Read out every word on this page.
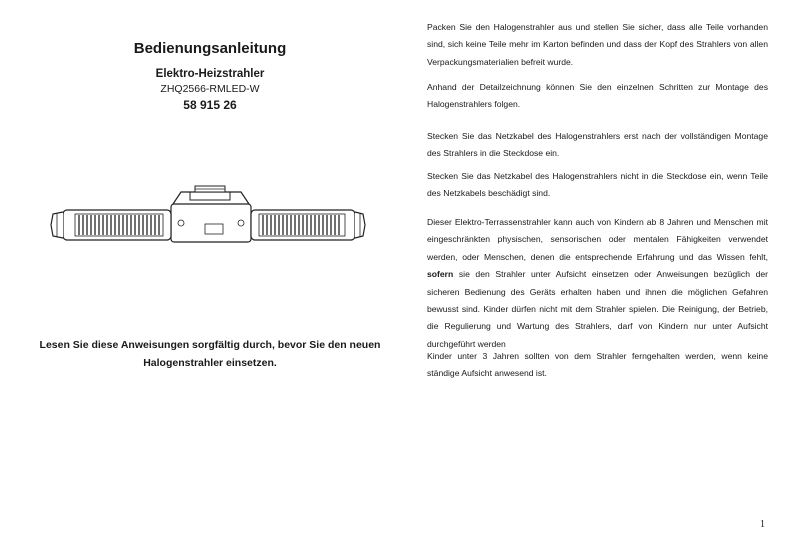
Bedienungsanleitung
Elektro-Heizstrahler
ZHQ2566-RMLED-W
58 915 26
Lesen Sie diese Anweisungen sorgfältig durch, bevor Sie den neuen
Halogenstrahler einsetzen.
Packen Sie den Halogenstrahler aus und stellen Sie sicher, dass alle Teile vorhanden sind, sich keine Teile mehr im Karton befinden und dass der Kopf des Strahlers von allen Verpackungsmaterialien befreit wurde.
Anhand der Detailzeichnung können Sie den einzelnen Schritten zur Montage des Halogenstrahlers folgen.
Stecken Sie das Netzkabel des Halogenstrahlers erst nach der vollständigen Montage des Strahlers in die Steckdose ein.
Stecken Sie das Netzkabel des Halogenstrahlers nicht in die Steckdose ein, wenn Teile des Netzkabels beschädigt sind.
Dieser Elektro-Terrassenstrahler kann auch von Kindern ab 8 Jahren und Menschen mit eingeschränkten physischen, sensorischen oder mentalen Fähigkeiten verwendet werden, oder Menschen, denen die entsprechende Erfahrung und das Wissen fehlt, sofern sie den Strahler unter Aufsicht einsetzen oder Anweisungen bezüglich der sicheren Bedienung des Geräts erhalten haben und ihnen die möglichen Gefahren bewusst sind. Kinder dürfen nicht mit dem Strahler spielen. Die Reinigung, der Betrieb, die Regulierung und Wartung des Strahlers, darf von Kindern nur unter Aufsicht durchgeführt werden
Kinder unter 3 Jahren sollten von dem Strahler ferngehalten werden, wenn keine ständige Aufsicht anwesend ist.
1
